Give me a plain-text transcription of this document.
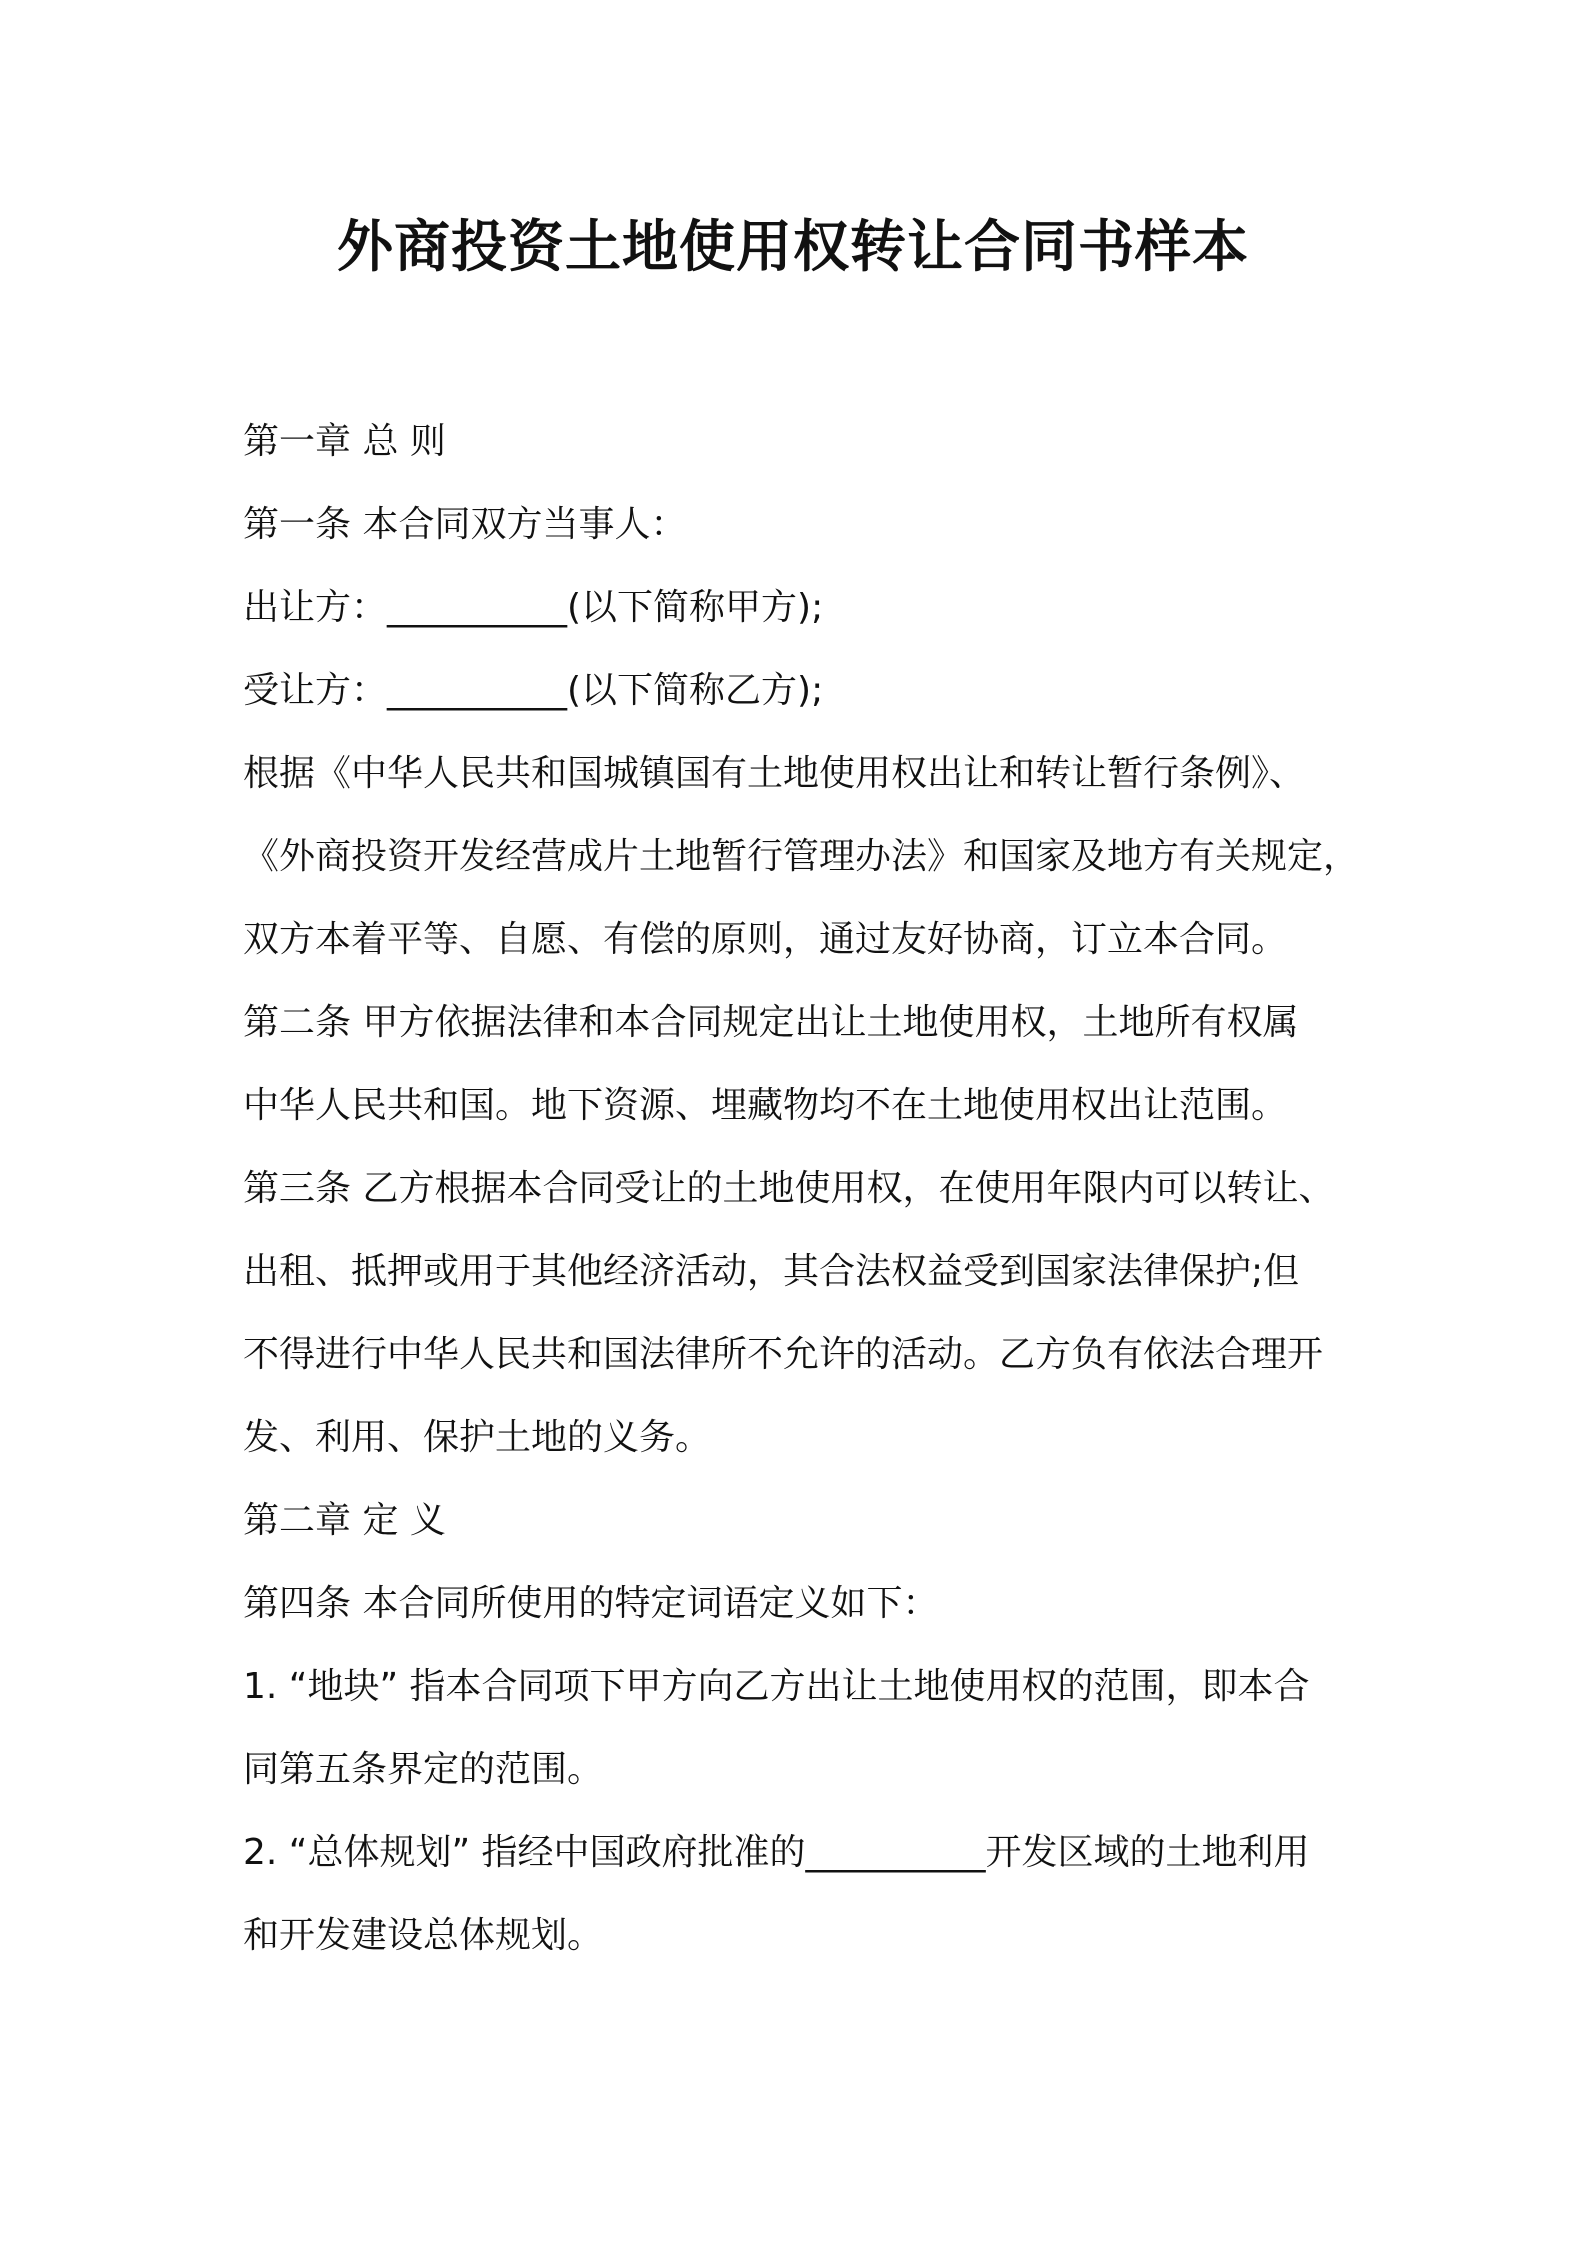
外商投资土地使用权转让合同书样本
第一章 总 则
第一条 本合同双方当事人：
出让方：__________(以下简称甲方);
受让方：__________(以下简称乙方);
根据《中华人民共和国城镇国有土地使用权出让和转让暂行条例》、
《外商投资开发经营成片土地暂行管理办法》和国家及地方有关规定，
双方本着平等、自愿、有偿的原则，通过友好协商，订立本合同。
第二条 甲方依据法律和本合同规定出让土地使用权，土地所有权属
中华人民共和国。地下资源、埋藏物均不在土地使用权出让范围。
第三条 乙方根据本合同受让的土地使用权，在使用年限内可以转让、
出租、抵押或用于其他经济活动，其合法权益受到国家法律保护;但
不得进行中华人民共和国法律所不允许的活动。乙方负有依法合理开
发、利用、保护土地的义务。
第二章 定 义
第四条 本合同所使用的特定词语定义如下：
1. “地块” 指本合同项下甲方向乙方出让土地使用权的范围，即本合
同第五条界定的范围。
2. “总体规划” 指经中国政府批准的__________开发区域的土地利用
和开发建设总体规划。
